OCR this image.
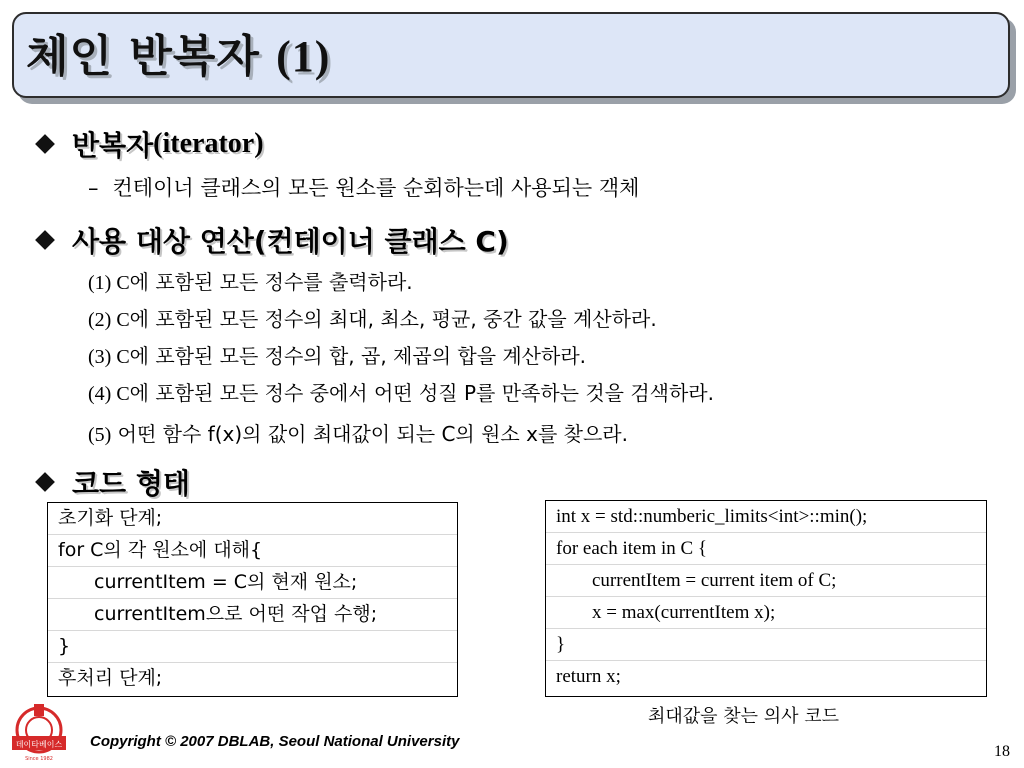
체인 반복자 (1)
반복자 (iterator)
– 컨테이너 클래스의 모든 원소를 순회하는데 사용되는 객체
사용 대상 연산(컨테이너 클래스 C)
(1) C에 포함된 모든 정수를 출력하라.
(2) C에 포함된 모든 정수의 최대, 최소, 평균, 중간 값을 계산하라.
(3) C에 포함된 모든 정수의 합, 곱, 제곱의 합을 계산하라.
(4) C에 포함된 모든 정수 중에서 어떤 성질 P를 만족하는 것을 검색하라.
(5) 어떤 함수 f(x)의 값이 최대값이 되는 C의 원소 x를 찾으라.
코드 형태
초기화 단계;
for C의 각 원소에 대해{
currentItem = C의 현재 원소;
currentItem으로 어떤 작업 수행;
}
후처리 단계;
int x = std::numberic_limits<int>::min();
for each item in C {
currentItem = current item of C;
x = max(currentItem x);
}
return x;
최대값을 찾는 의사 코드
데이타베이스
Since 1982
Copyright © 2007 DBLAB, Seoul National University
18
